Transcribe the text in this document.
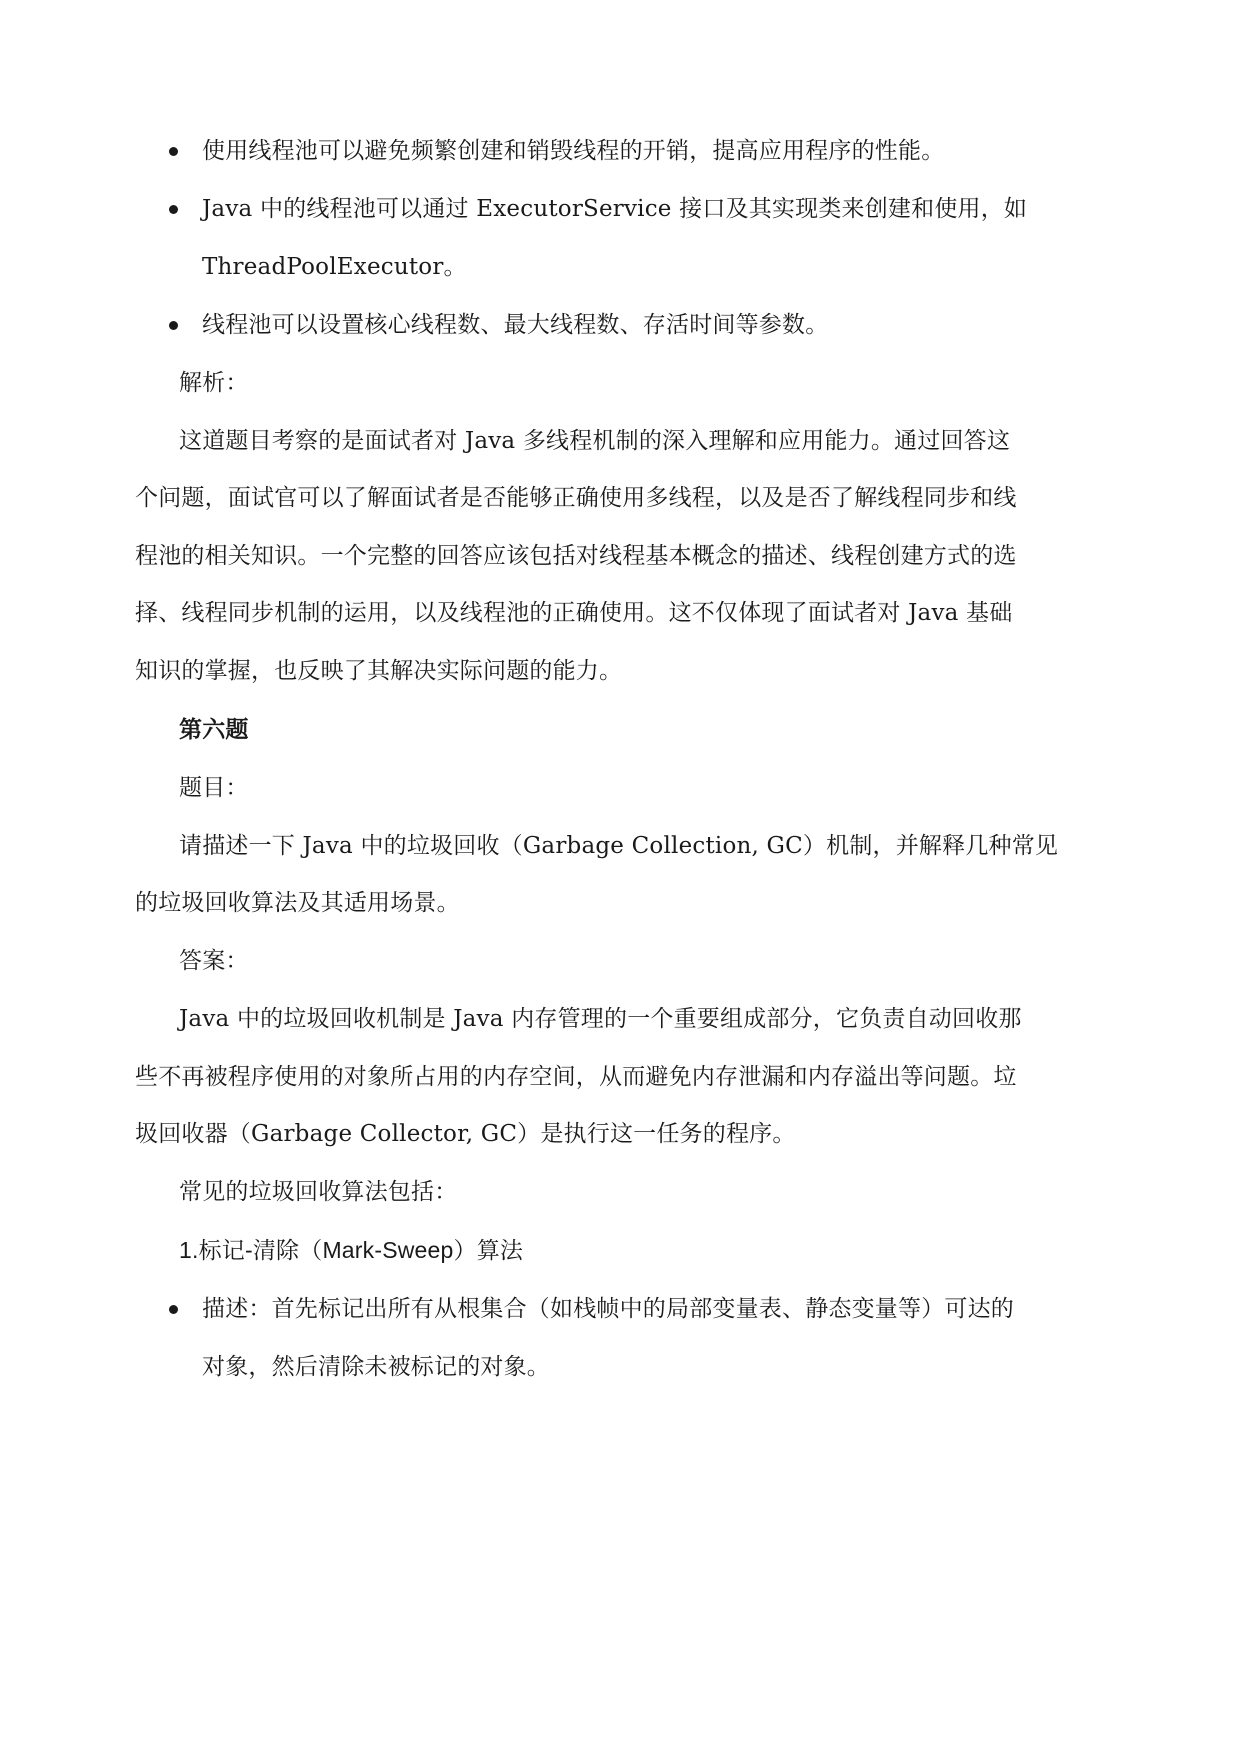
使用线程池可以避免频繁创建和销毁线程的开销，提高应用程序的性能。
Java 中的线程池可以通过 ExecutorService 接口及其实现类来创建和使用，如
ThreadPoolExecutor。
线程池可以设置核心线程数、最大线程数、存活时间等参数。
解析：
这道题目考察的是面试者对 Java 多线程机制的深入理解和应用能力。通过回答这
个问题，面试官可以了解面试者是否能够正确使用多线程，以及是否了解线程同步和线
程池的相关知识。一个完整的回答应该包括对线程基本概念的描述、线程创建方式的选
择、线程同步机制的运用，以及线程池的正确使用。这不仅体现了面试者对 Java 基础
知识的掌握，也反映了其解决实际问题的能力。
第六题
题目：
请描述一下 Java 中的垃圾回收（Garbage Collection, GC）机制，并解释几种常见
的垃圾回收算法及其适用场景。
答案：
Java 中的垃圾回收机制是 Java 内存管理的一个重要组成部分，它负责自动回收那
些不再被程序使用的对象所占用的内存空间，从而避免内存泄漏和内存溢出等问题。垃
圾回收器（Garbage Collector, GC）是执行这一任务的程序。
常见的垃圾回收算法包括：
1.标记-清除（Mark-Sweep）算法
描述：首先标记出所有从根集合（如栈帧中的局部变量表、静态变量等）可达的
对象，然后清除未被标记的对象。
